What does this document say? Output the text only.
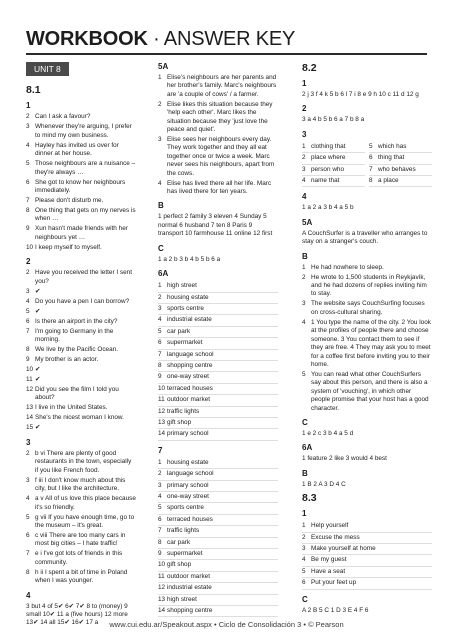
WORKBOOK · ANSWER KEY
UNIT 8
8.1
1
2 Can I ask a favour?
3 Whenever they're arguing, I prefer to mind my own business.
4 Hayley has invited us over for dinner at her house.
5 Those neighbours are a nuisance – they're always …
6 She got to know her neighbours immediately.
7 Please don't disturb me.
8 One thing that gets on my nerves is when …
9 Xun hasn't made friends with her neighbours yet …
10 I keep myself to myself.
2
2 Have you received the letter I sent you?
3 ✔
4 Do you have a pen I can borrow?
5 ✔
6 Is there an airport in the city?
7 I'm going to Germany in the morning.
8 We live by the Pacific Ocean.
9 My brother is an actor.
10 ✔
11 ✔
12 Did you see the film I told you about?
13 I live in the United States.
14 She's the nicest woman I know.
15 ✔
3
2 b vi There are plenty of good restaurants in the town, especially if you like French food.
3 f iii I don't know much about this city, but I like the architecture.
4 a v All of us love this place because it's so friendly.
5 g vii If you have enough time, go to the museum – it's great.
6 c viii There are too many cars in most big cities – I hate traffic!
7 e i I've got lots of friends in this community.
8 h ii I spent a bit of time in Poland when I was younger.
4
3 but 4 of 5✔ 6✔ 7✔ 8 to (money) 9 small 10✔ 11 a (five hours) 12 more 13✔ 14 all 15✔ 16✔ 17 a
5A
1 Elise's neighbours are her parents and her brother's family. Marc's neighbours are 'a couple of cows' / a farmer.
2 Elise likes this situation because they 'help each other'. Marc likes the situation because they 'just love the peace and quiet'.
3 Elise sees her neighbours every day. They work together and they all eat together once or twice a week. Marc never sees his neighbours, apart from the cows.
4 Elise has lived there all her life. Marc has lived there for ten years.
B
1 perfect 2 family 3 eleven 4 Sunday 5 normal 6 husband 7 ten 8 Paris 9 transport 10 farmhouse 11 online 12 first
C
1 a 2 b 3 b 4 b 5 b 6 a
6A
1 high street
2 housing estate
3 sports centre
4 industrial estate
5 car park
6 supermarket
7 language school
8 shopping centre
9 one-way street
10 terraced houses
11 outdoor market
12 traffic lights
13 gift shop
14 primary school
7
1 housing estate
2 language school
3 primary school
4 one-way street
5 sports centre
6 terraced houses
7 traffic lights
8 car park
9 supermarket
10 gift shop
11 outdoor market
12 industrial estate
13 high street
14 shopping centre
8.2
1
2 j 3 f 4 k 5 b 6 l 7 i 8 e 9 h 10 c 11 d 12 g
2
3 a 4 b 5 b 6 a 7 b 8 a
3
1 clothing that	5 which has
2 place where	6 thing that
3 person who	7 who behaves
4 name that	8 a place
4
1 a 2 a 3 b 4 a 5 b
5A
A CouchSurfer is a traveller who arranges to stay on a stranger's couch.
B
1 He had nowhere to sleep.
2 He wrote to 1,500 students in Reykjavík, and he had dozens of replies inviting him to stay.
3 The website says CouchSurfing focuses on cross-cultural sharing.
4 1 You type the name of the city. 2 You look at the profiles of people there and choose someone. 3 You contact them to see if they are free. 4 They may ask you to meet for a coffee first before inviting you to their home.
5 You can read what other CouchSurfers say about this person, and there is also a system of 'vouching', in which other people promise that your host has a good character.
C
1 e 2 c 3 b 4 a 5 d
6A
1 feature 2 like 3 would 4 best
B
1 B 2 A 3 D 4 C
8.3
1
1 Help yourself
2 Excuse the mess
3 Make yourself at home
4 Be my guest
5 Have a seat
6 Put your feet up
C
A 2 B 5 C 1 D 3 E 4 F 6
www.cui.edu.ar/Speakout.aspx • Ciclo de Consolidación 3 • © Pearson
